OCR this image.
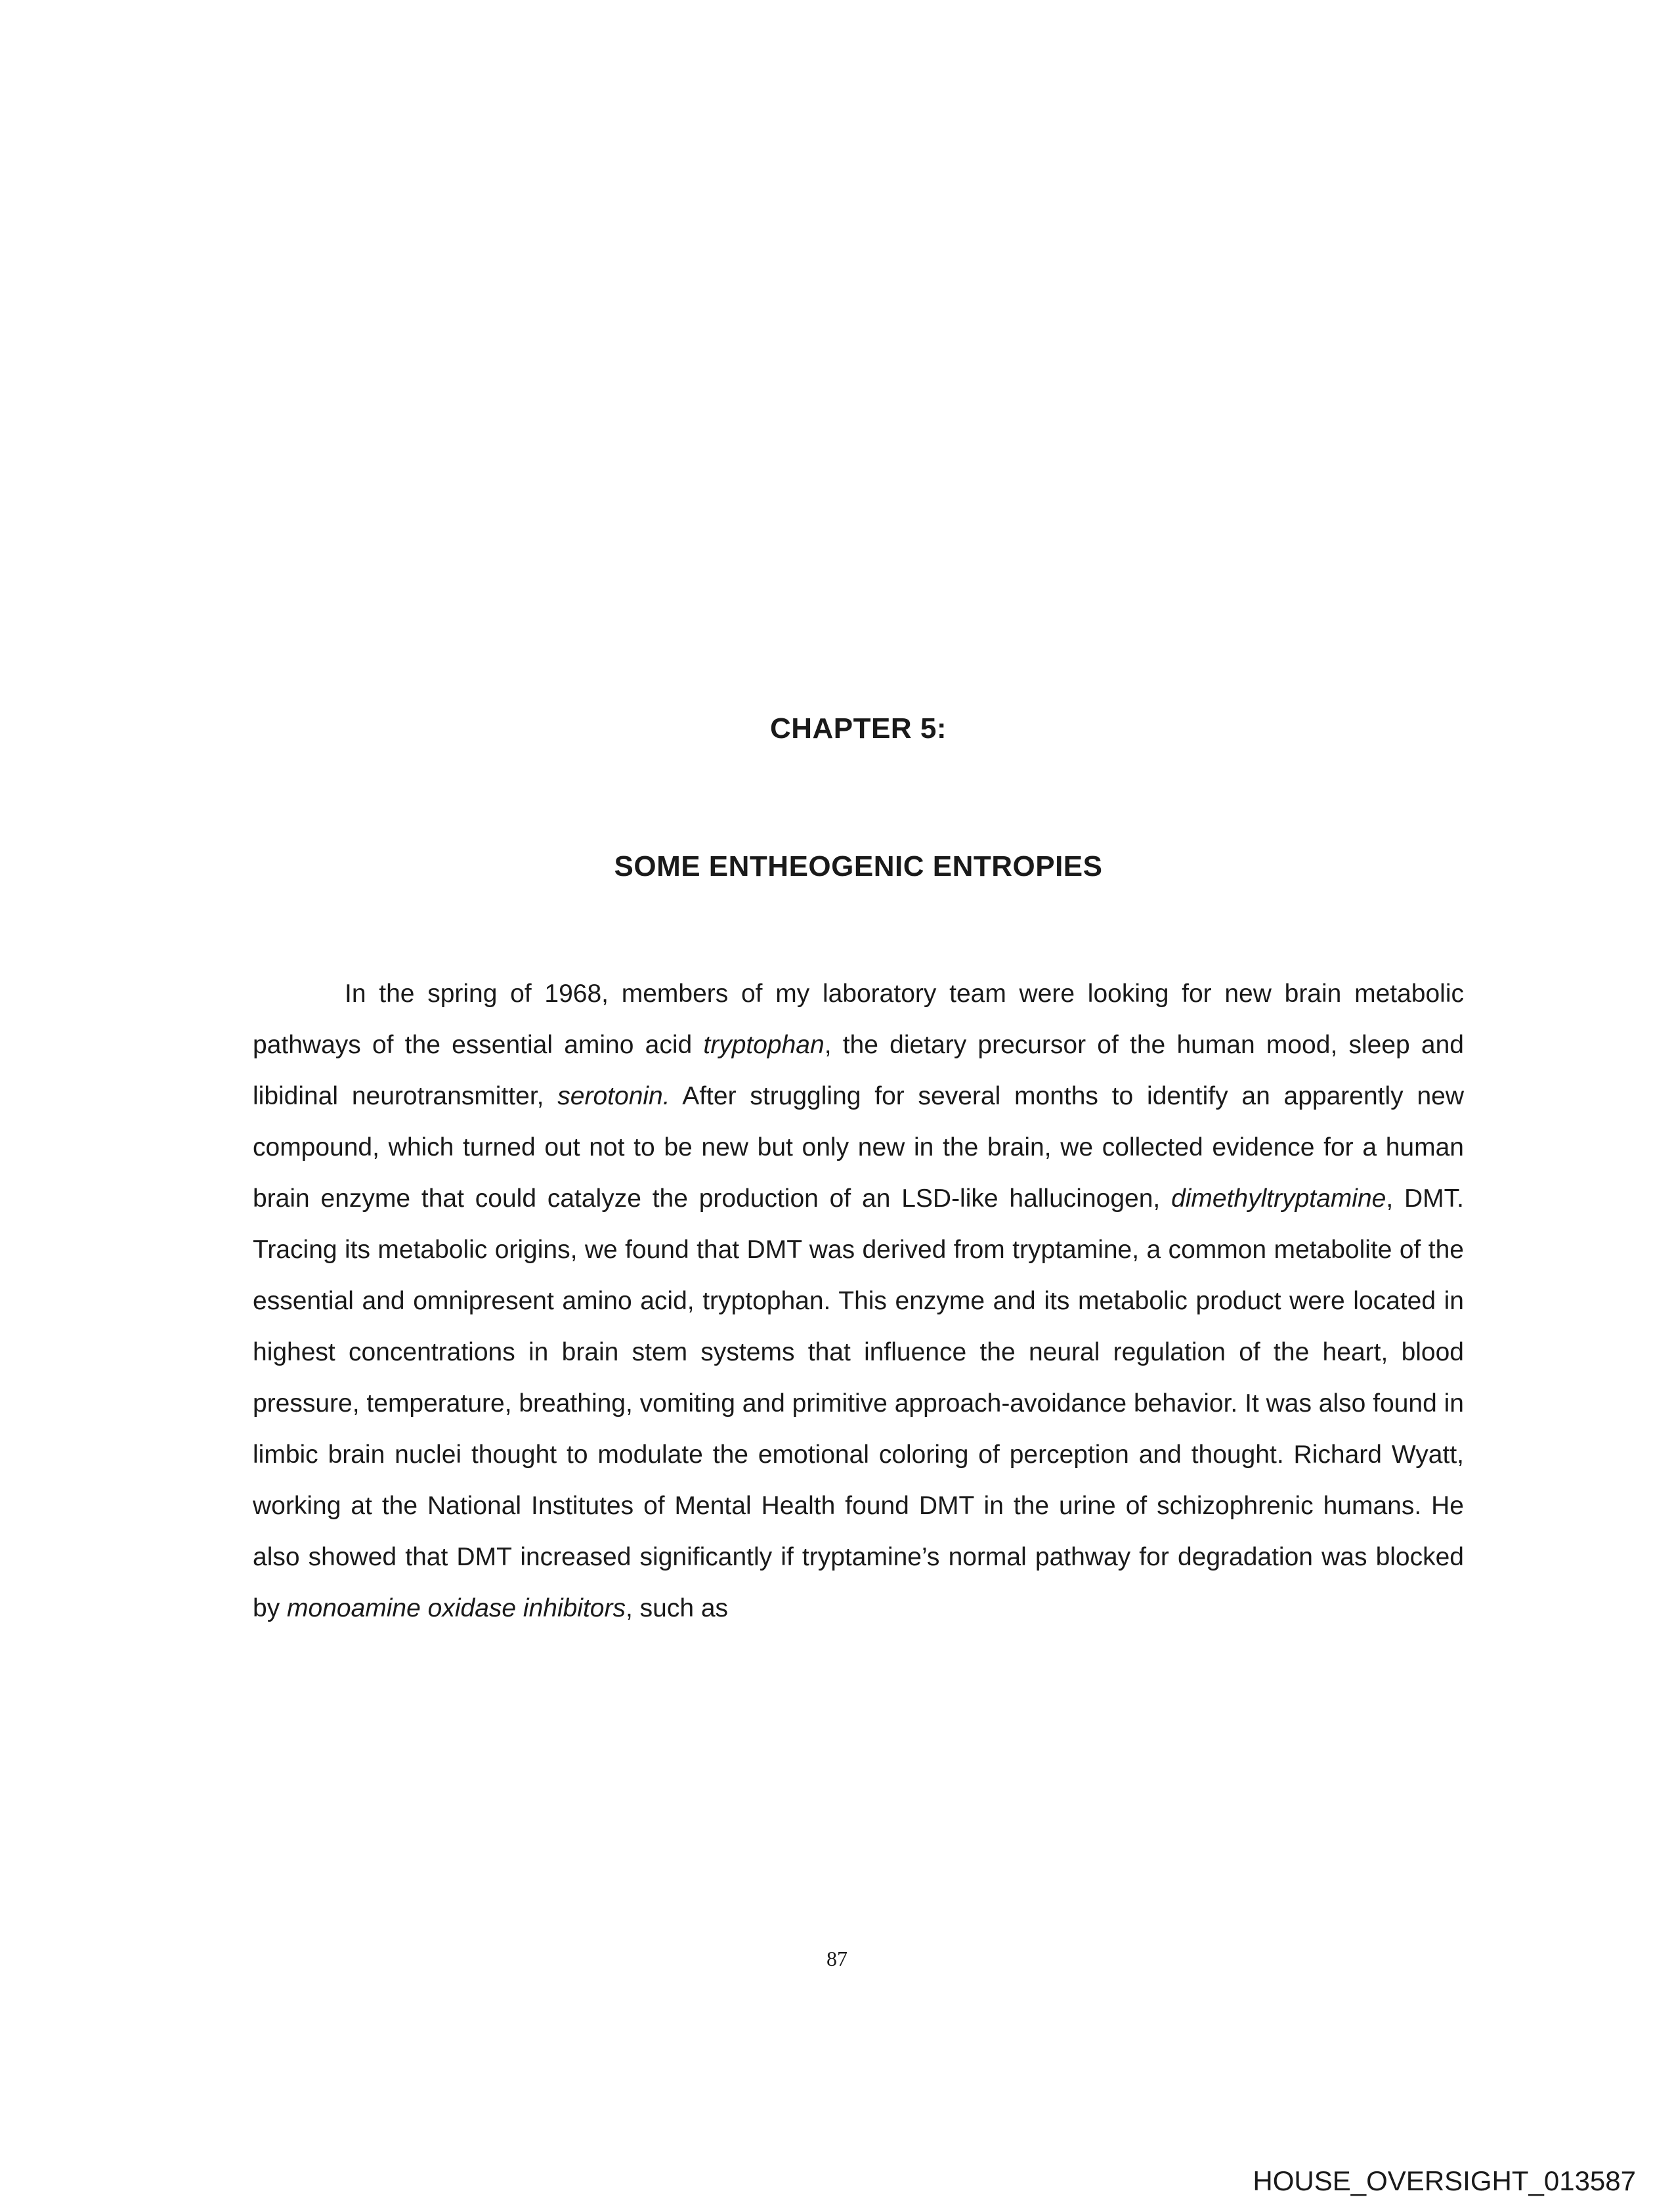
CHAPTER 5:
SOME ENTHEOGENIC ENTROPIES

In the spring of 1968, members of my laboratory team were looking for new brain metabolic pathways of the essential amino acid tryptophan, the dietary precursor of the human mood, sleep and libidinal neurotransmitter, serotonin. After struggling for several months to identify an apparently new compound, which turned out not to be new but only new in the brain, we collected evidence for a human brain enzyme that could catalyze the production of an LSD-like hallucinogen, dimethyltryptamine, DMT. Tracing its metabolic origins, we found that DMT was derived from tryptamine, a common metabolite of the essential and omnipresent amino acid, tryptophan. This enzyme and its metabolic product were located in highest concentrations in brain stem systems that influence the neural regulation of the heart, blood pressure, temperature, breathing, vomiting and primitive approach-avoidance behavior. It was also found in limbic brain nuclei thought to modulate the emotional coloring of perception and thought. Richard Wyatt, working at the National Institutes of Mental Health found DMT in the urine of schizophrenic humans. He also showed that DMT increased significantly if tryptamine’s normal pathway for degradation was blocked by monoamine oxidase inhibitors, such as

87
HOUSE_OVERSIGHT_013587
